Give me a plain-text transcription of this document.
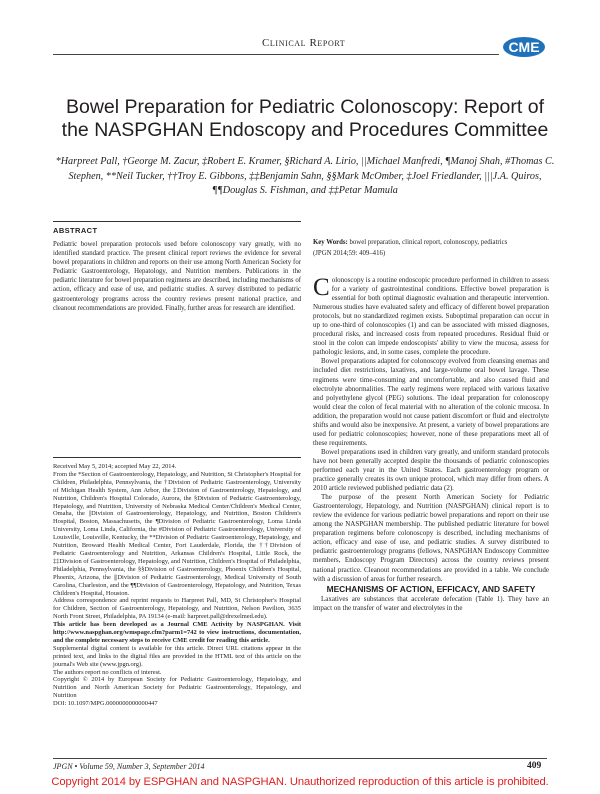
Clinical Report	CME
Bowel Preparation for Pediatric Colonoscopy: Report of the NASPGHAN Endoscopy and Procedures Committee
*Harpreet Pall, †George M. Zacur, ‡Robert E. Kramer, §Richard A. Lirio, ||Michael Manfredi, ¶Manoj Shah, #Thomas C. Stephen, **Neil Tucker, ††Troy E. Gibbons, ‡‡Benjamin Sahn, §§Mark McOmber, ‡Joel Friedlander, |||J.A. Quiros, ¶¶Douglas S. Fishman, and ‡‡Petar Mamula
ABSTRACT
Pediatric bowel preparation protocols used before colonoscopy vary greatly, with no identified standard practice. The present clinical report reviews the evidence for several bowel preparations in children and reports on their use among North American Society for Pediatric Gastroenterology, Hepatology, and Nutrition members. Publications in the pediatric literature for bowel preparation regimens are described, including mechanisms of action, efficacy and ease of use, and pediatric studies. A survey distributed to pediatric gastroenterology programs across the country reviews present national practice, and cleanout recommendations are provided. Finally, further areas for research are identified.

Received May 5, 2014; accepted May 22, 2014.

From the *Section of Gastroenterology, Hepatology, and Nutrition, St Christopher's Hospital for Children, Philadelphia, Pennsylvania, the †Division of Pediatric Gastroenterology, University of Michigan Health System, Ann Arbor, the ‡Division of Gastroenterology, Hepatology, and Nutrition, Children's Hospital Colorado, Aurora, the §Division of Pediatric Gastroenterology, Hepatology, and Nutrition, University of Nebraska Medical Center/Children's Medical Center, Omaha, the ||Division of Gastroenterology, Hepatology, and Nutrition, Boston Children's Hospital, Boston, Massachusetts, the ¶Division of Pediatric Gastroenterology, Loma Linda University, Loma Linda, California, the #Division of Pediatric Gastroenterology, University of Louisville, Louisville, Kentucky, the **Division of Pediatric Gastroenterology, Hepatology, and Nutrition, Broward Health Medical Center, Fort Lauderdale, Florida, the ††Division of Pediatric Gastroenterology and Nutrition, Arkansas Children's Hospital, Little Rock, the ‡‡Division of Gastroenterology, Hepatology, and Nutrition, Children's Hospital of Philadelphia, Philadelphia, Pennsylvania, the §§Division of Gastroenterology, Phoenix Children's Hospital, Phoenix, Arizona, the |||Division of Pediatric Gastroenterology, Medical University of South Carolina, Charleston, and the ¶¶Division of Gastroenterology, Hepatology, and Nutrition, Texas Children's Hospital, Houston.

Address correspondence and reprint requests to Harpreet Pall, MD, St Christopher's Hospital for Children, Section of Gastroenterology, Hepatology, and Nutrition, Nelson Pavilion, 3635 North Front Street, Philadelphia, PA 19134 (e-mail: harpreet.pall@drexelmed.edu).

This article has been developed as a Journal CME Activity by NASPGHAN. Visit http://www.naspghan.org/wmspage.cfm?parm1=742 to view instructions, documentation, and the complete necessary steps to receive CME credit for reading this article.

Supplemental digital content is available for this article. Direct URL citations appear in the printed text, and links to the digital files are provided in the HTML text of this article on the journal's Web site (www.jpgn.org).

The authors report no conflicts of interest.

Copyright © 2014 by European Society for Pediatric Gastroenterology, Hepatology, and Nutrition and North American Society for Pediatric Gastroenterology, Hepatology, and Nutrition

DOI: 10.1097/MPG.0000000000000447

Key Words: bowel preparation, clinical report, colonoscopy, pediatrics
(JPGN 2014;59: 409–416)

Colonoscopy is a routine endoscopic procedure performed in children to assess for a variety of gastrointestinal conditions. Effective bowel preparation is essential for both optimal diagnostic evaluation and therapeutic intervention. Numerous studies have evaluated safety and efficacy of different bowel preparation protocols, but no standardized regimen exists. Suboptimal preparation can occur in up to one-third of colonoscopies (1) and can be associated with missed diagnoses, procedural risks, and increased costs from repeated procedures. Residual fluid or stool in the colon can impede endoscopists' ability to view the mucosa, assess for pathologic lesions, and, in some cases, complete the procedure.

Bowel preparations adapted for colonoscopy evolved from cleansing enemas and included diet restrictions, laxatives, and large-volume oral bowel lavage. These regimens were time-consuming and uncomfortable, and also caused fluid and electrolyte abnormalities. The early regimens were replaced with various laxative and polyethylene glycol (PEG) solutions. The ideal preparation for colonoscopy would clear the colon of fecal material with no alteration of the colonic mucosa. In addition, the preparation would not cause patient discomfort or fluid and electrolyte shifts and would also be inexpensive. At present, a variety of bowel preparations are used for pediatric colonoscopies; however, none of these preparations meet all of these requirements.

Bowel preparations used in children vary greatly, and uniform standard protocols have not been generally accepted despite the thousands of pediatric colonoscopies performed each year in the United States. Each gastroenterology program or practice generally creates its own unique protocol, which may differ from others. A 2010 article reviewed published pediatric data (2).

The purpose of the present North American Society for Pediatric Gastroenterology, Hepatology, and Nutrition (NASPGHAN) clinical report is to review the evidence for various pediatric bowel preparations and report on their use among the NASPGHAN membership. The published pediatric literature for bowel preparation regimens before colonoscopy is described, including mechanisms of action, efficacy and ease of use, and pediatric studies. A survey distributed to pediatric gastroenterology programs (fellows, NASPGHAN Endoscopy Committee members, Endoscopy Program Directors) across the country reviews present national practice. Cleanout recommendations are provided in a table. We conclude with a discussion of areas for further research.

MECHANISMS OF ACTION, EFFICACY, AND SAFETY

Laxatives are substances that accelerate defecation (Table 1). They have an impact on the transfer of water and electrolytes in the

JPGN • Volume 59, Number 3, September 2014	409
Copyright 2014 by ESPGHAN and NASPGHAN. Unauthorized reproduction of this article is prohibited.
